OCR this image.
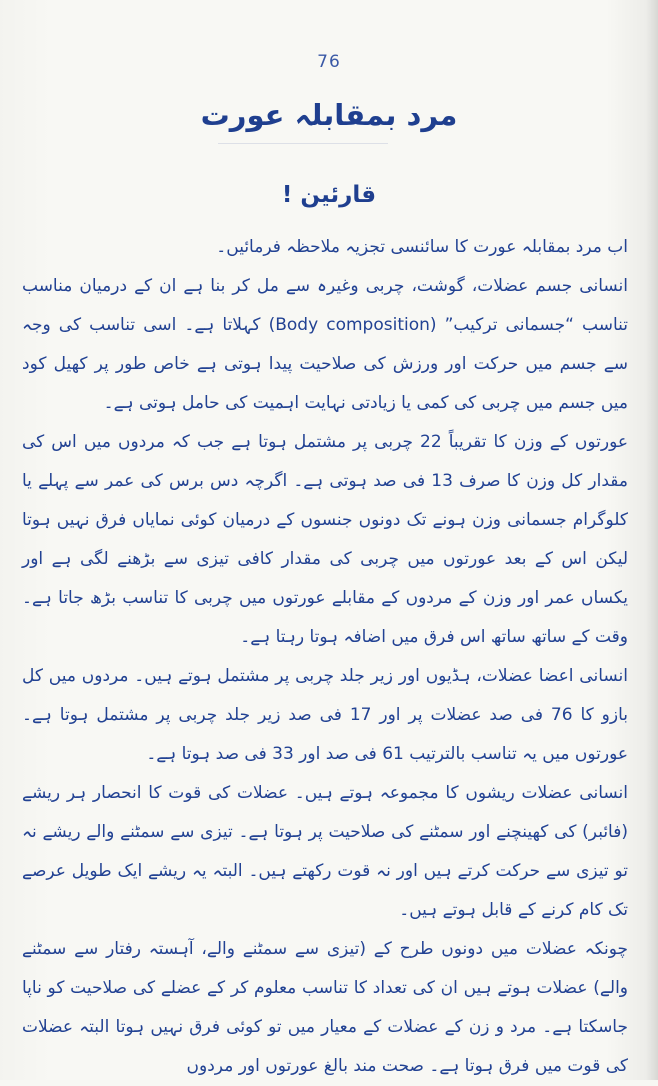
76
مرد بمقابلہ عورت
قارئین !

اب مرد بمقابلہ عورت کا سائنسی تجزیہ ملاحظہ فرمائیں۔

انسانی جسم عضلات، گوشت، چربی وغیرہ سے مل کر بنا ہے ان کے درمیان مناسب تناسب “جسمانی ترکیب” (Body composition) کہلاتا ہے۔ اسی تناسب کی وجہ سے جسم میں حرکت اور ورزش کی صلاحیت پیدا ہوتی ہے خاص طور پر کھیل کود میں جسم میں چربی کی کمی یا زیادتی نہایت اہمیت کی حامل ہوتی ہے۔

عورتوں کے وزن کا تقریباً 22 چربی پر مشتمل ہوتا ہے جب کہ مردوں میں اس کی مقدار کل وزن کا صرف 13 فی صد ہوتی ہے۔ اگرچہ دس برس کی عمر سے پہلے یا کلوگرام جسمانی وزن ہونے تک دونوں جنسوں کے درمیان کوئی نمایاں فرق نہیں ہوتا لیکن اس کے بعد عورتوں میں چربی کی مقدار کافی تیزی سے بڑھنے لگی ہے اور یکساں عمر اور وزن کے مردوں کے مقابلے عورتوں میں چربی کا تناسب بڑھ جاتا ہے۔ وقت کے ساتھ ساتھ اس فرق میں اضافہ ہوتا رہتا ہے۔

انسانی اعضا عضلات، ہڈیوں اور زیر جلد چربی پر مشتمل ہوتے ہیں۔ مردوں میں کل بازو کا 76 فی صد عضلات پر اور 17 فی صد زیر جلد چربی پر مشتمل ہوتا ہے۔ عورتوں میں یہ تناسب بالترتیب 61 فی صد اور 33 فی صد ہوتا ہے۔

انسانی عضلات ریشوں کا مجموعہ ہوتے ہیں۔ عضلات کی قوت کا انحصار ہر ریشے (فائبر) کی کھینچنے اور سمٹنے کی صلاحیت پر ہوتا ہے۔ تیزی سے سمٹنے والے ریشے نہ تو تیزی سے حرکت کرتے ہیں اور نہ قوت رکھتے ہیں۔ البتہ یہ ریشے ایک طویل عرصے تک کام کرنے کے قابل ہوتے ہیں۔

چونکہ عضلات میں دونوں طرح کے (تیزی سے سمٹنے والے، آہستہ رفتار سے سمٹنے والے) عضلات ہوتے ہیں ان کی تعداد کا تناسب معلوم کر کے عضلے کی صلاحیت کو ناپا جاسکتا ہے۔ مرد و زن کے عضلات کے معیار میں تو کوئی فرق نہیں ہوتا البتہ عضلات کی قوت میں فرق ہوتا ہے۔ صحت مند بالغ عورتوں اور مردوں
